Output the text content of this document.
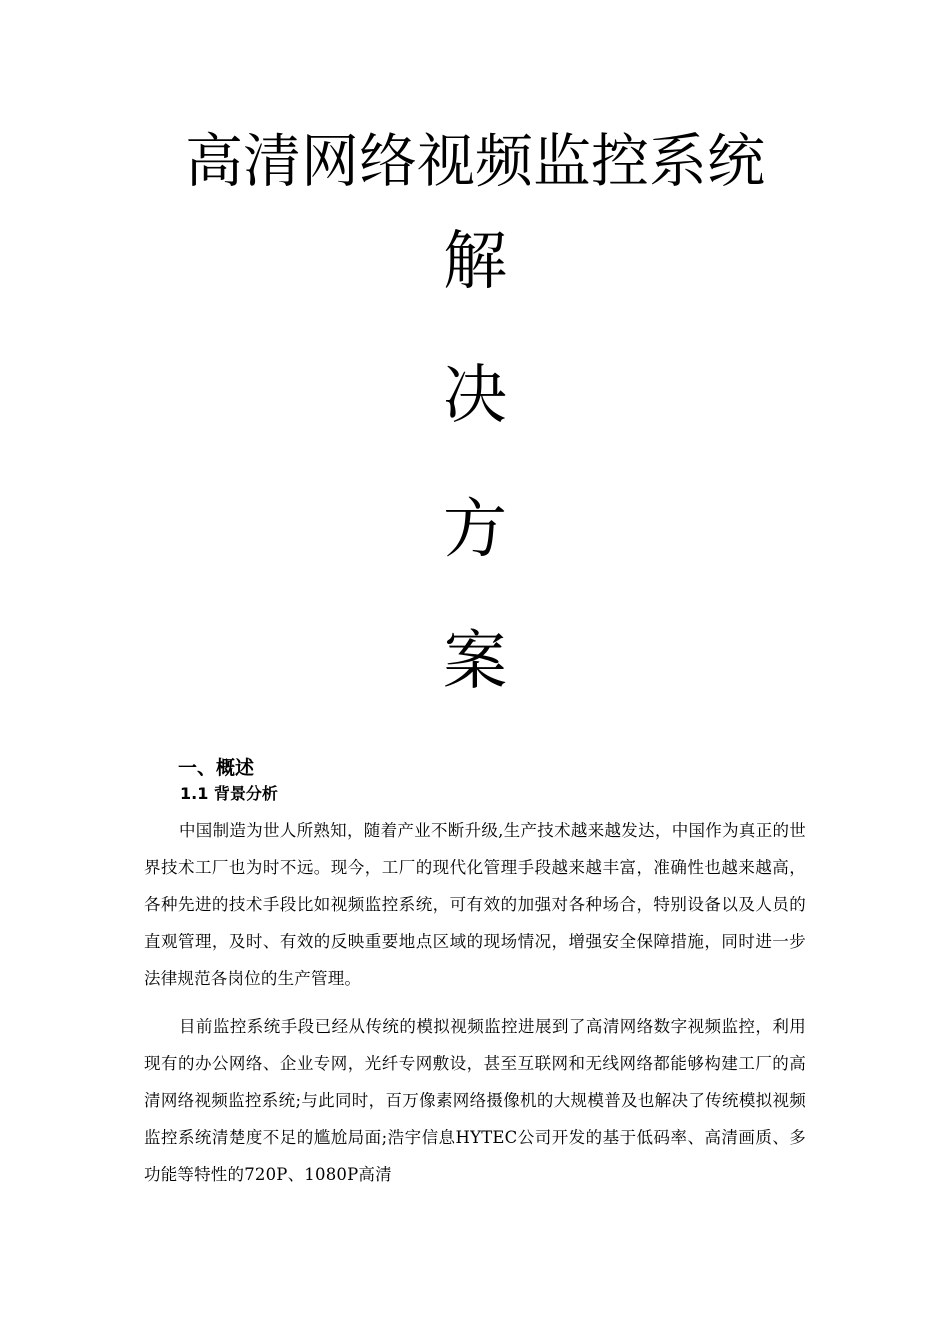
高清网络视频监控系统
解
决
方
案
一、概述
1.1 背景分析

中国制造为世人所熟知，随着产业不断升级,生产技术越来越发达，中国作为真正的世界技术工厂也为时不远。现今，工厂的现代化管理手段越来越丰富，准确性也越来越高，各种先进的技术手段比如视频监控系统，可有效的加强对各种场合，特别设备以及人员的直观管理，及时、有效的反映重要地点区域的现场情况，增强安全保障措施，同时进一步法律规范各岗位的生产管理。

目前监控系统手段已经从传统的模拟视频监控进展到了高清网络数字视频监控，利用现有的办公网络、企业专网，光纤专网敷设，甚至互联网和无线网络都能够构建工厂的高清网络视频监控系统;与此同时，百万像素网络摄像机的大规模普及也解决了传统模拟视频监控系统清楚度不足的尴尬局面;浩宇信息HYTEC公司开发的基于低码率、高清画质、多功能等特性的720P、1080P高清
